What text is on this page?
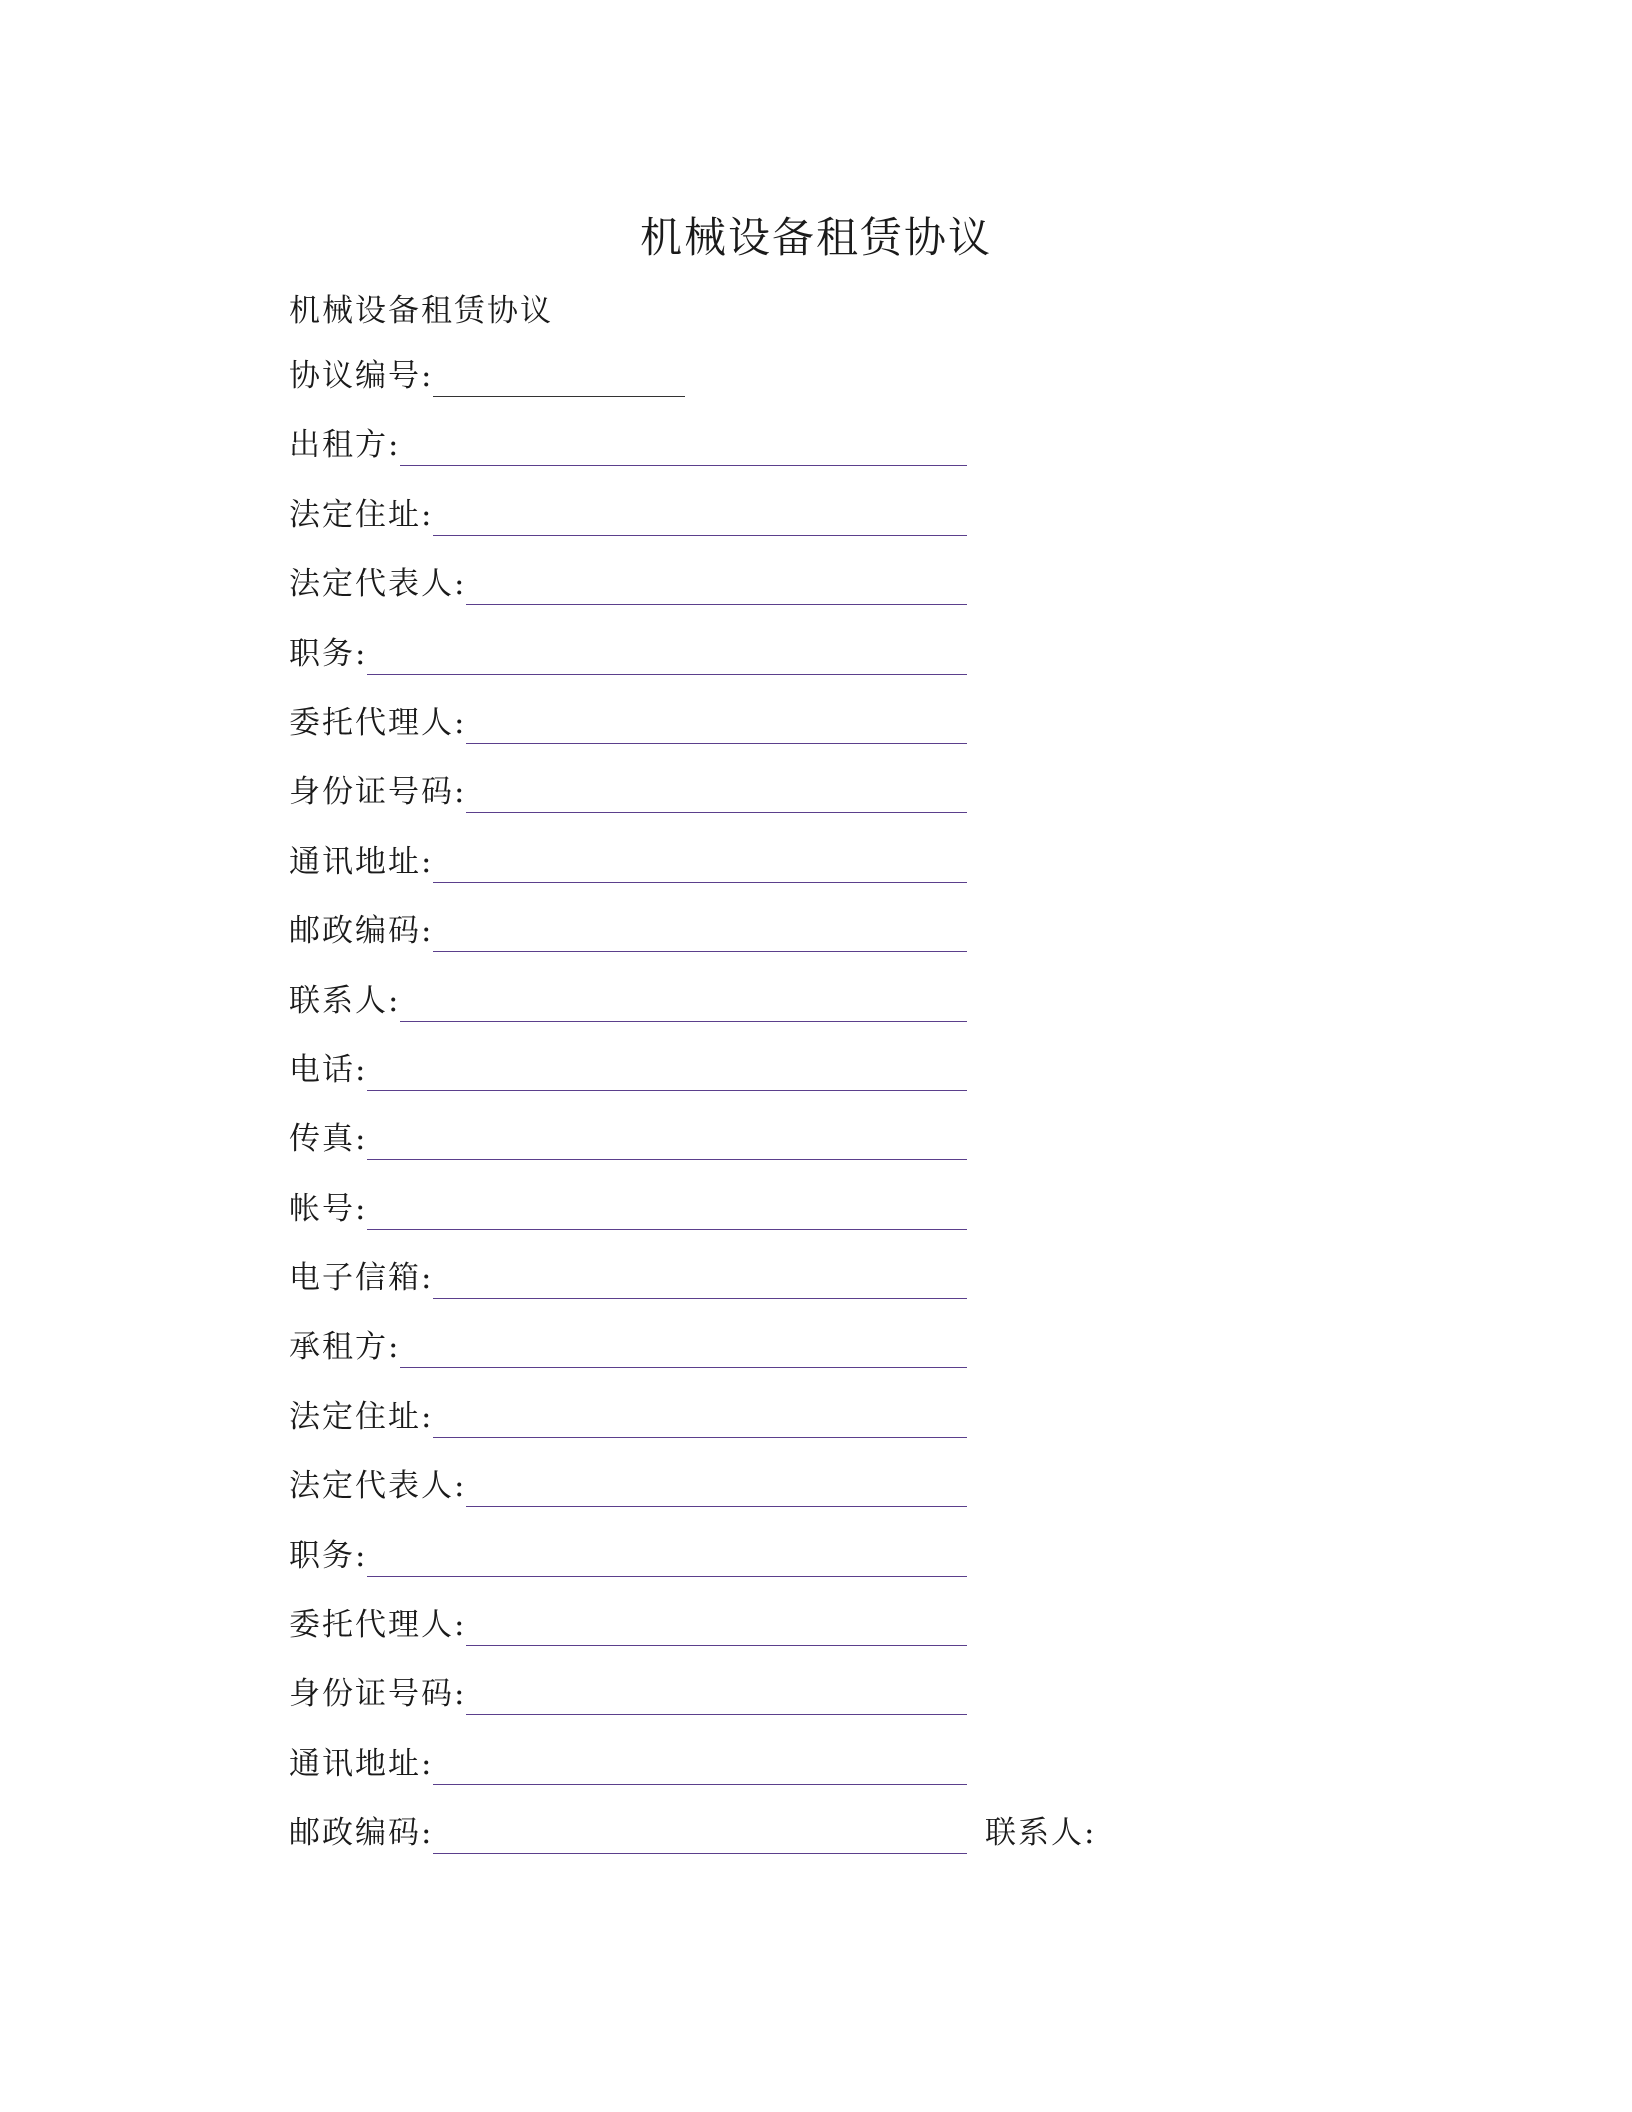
机械设备租赁协议

机械设备租赁协议

协议编号:
出租方:
法定住址:
法定代表人:
职务:
委托代理人:
身份证号码:
通讯地址:
邮政编码:
联系人:
电话:
传真:
帐号:
电子信箱:
承租方:
法定住址:
法定代表人:
职务:
委托代理人:
身份证号码:
通讯地址:
邮政编码:	联系人:
